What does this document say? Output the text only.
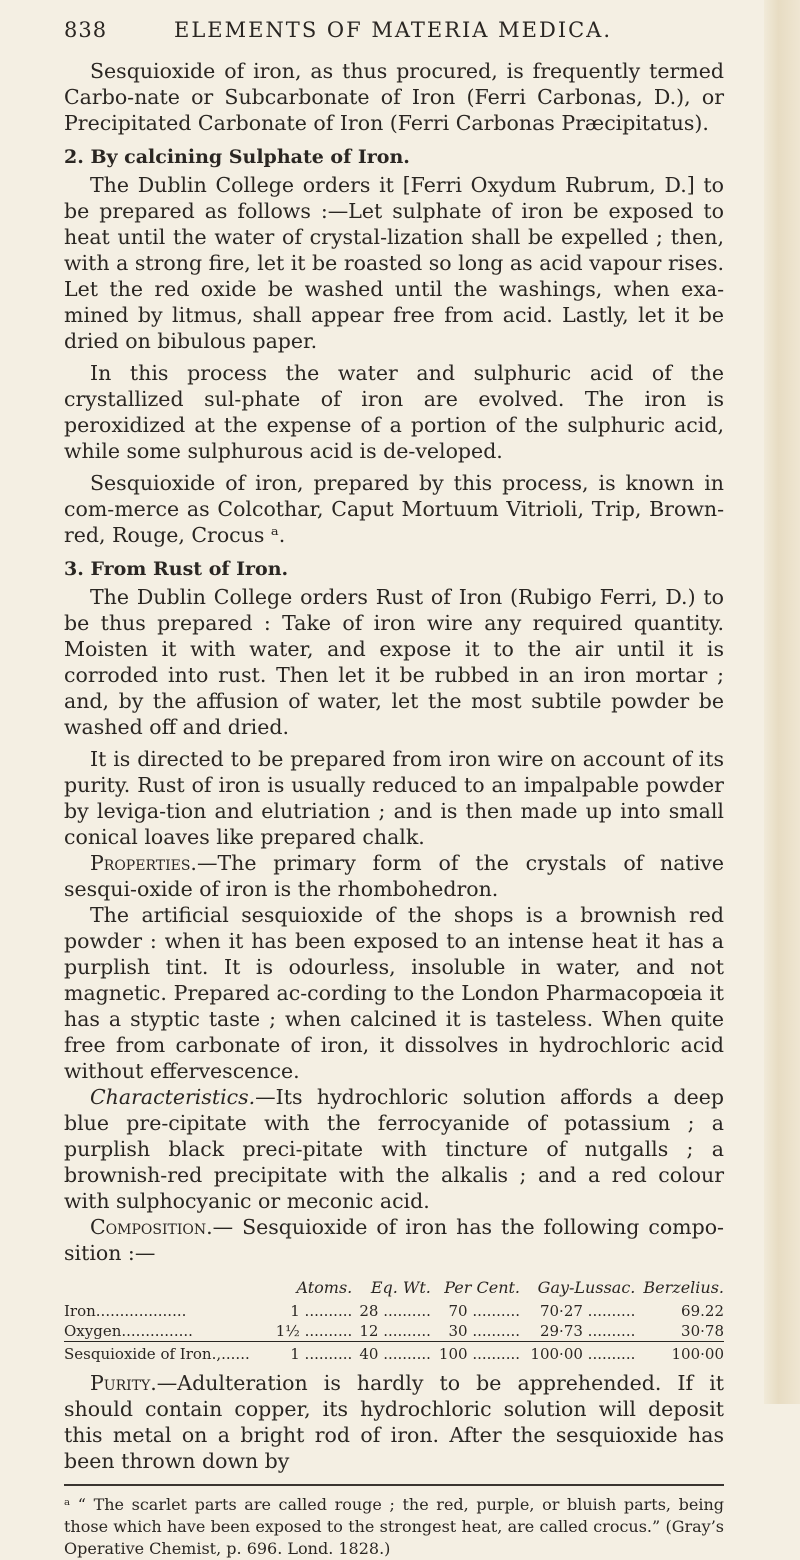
838	ELEMENTS OF MATERIA MEDICA.

Sesquioxide of iron, as thus procured, is frequently termed Carbo-nate or Subcarbonate of Iron (Ferri Carbonas, D.), or Precipitated Carbonate of Iron (Ferri Carbonas Præcipitatus).

2. By calcining Sulphate of Iron.

The Dublin College orders it [Ferri Oxydum Rubrum, D.] to be prepared as follows :—Let sulphate of iron be exposed to heat until the water of crystal-lization shall be expelled ; then, with a strong fire, let it be roasted so long as acid vapour rises. Let the red oxide be washed until the washings, when exa-mined by litmus, shall appear free from acid. Lastly, let it be dried on bibulous paper.

In this process the water and sulphuric acid of the crystallized sul-phate of iron are evolved. The iron is peroxidized at the expense of a portion of the sulphuric acid, while some sulphurous acid is de-veloped.

Sesquioxide of iron, prepared by this process, is known in com-merce as Colcothar, Caput Mortuum Vitrioli, Trip, Brown-red, Rouge, Crocus ᵃ.

3. From Rust of Iron.

The Dublin College orders Rust of Iron (Rubigo Ferri, D.) to be thus prepared : Take of iron wire any required quantity. Moisten it with water, and expose it to the air until it is corroded into rust. Then let it be rubbed in an iron mortar ; and, by the affusion of water, let the most subtile powder be washed off and dried.

It is directed to be prepared from iron wire on account of its purity. Rust of iron is usually reduced to an impalpable powder by leviga-tion and elutriation ; and is then made up into small conical loaves like prepared chalk.

Properties.—The primary form of the crystals of native sesqui-oxide of iron is the rhombohedron.

The artificial sesquioxide of the shops is a brownish red powder : when it has been exposed to an intense heat it has a purplish tint. It is odourless, insoluble in water, and not magnetic. Prepared ac-cording to the London Pharmacopœia it has a styptic taste ; when calcined it is tasteless. When quite free from carbonate of iron, it dissolves in hydrochloric acid without effervescence.

Characteristics.—Its hydrochloric solution affords a deep blue pre-cipitate with the ferrocyanide of potassium ; a purplish black preci-pitate with tincture of nutgalls ; a brownish-red precipitate with the alkalis ; and a red colour with sulphocyanic or meconic acid.

Composition.— Sesquioxide of iron has the following compo-sition :—

	Atoms.	Eq. Wt.	Per Cent.	Gay-Lussac.	Berzelius.
Iron...................	1 ..........	28 ..........	70 ..........	70·27 ..........	69.22
Oxygen...............	1½ ..........	12 ..........	30 ..........	29·73 ..........	30·78
Sesquioxide of Iron.,......	1 ..........	40 ..........	100 ..........	100·00 ..........	100·00

Purity.—Adulteration is hardly to be apprehended. If it should contain copper, its hydrochloric solution will deposit this metal on a bright rod of iron. After the sesquioxide has been thrown down by

ᵃ “ The scarlet parts are called rouge ; the red, purple, or bluish parts, being those which have been exposed to the strongest heat, are called crocus.” (Gray’s Operative Chemist, p. 696. Lond. 1828.)
